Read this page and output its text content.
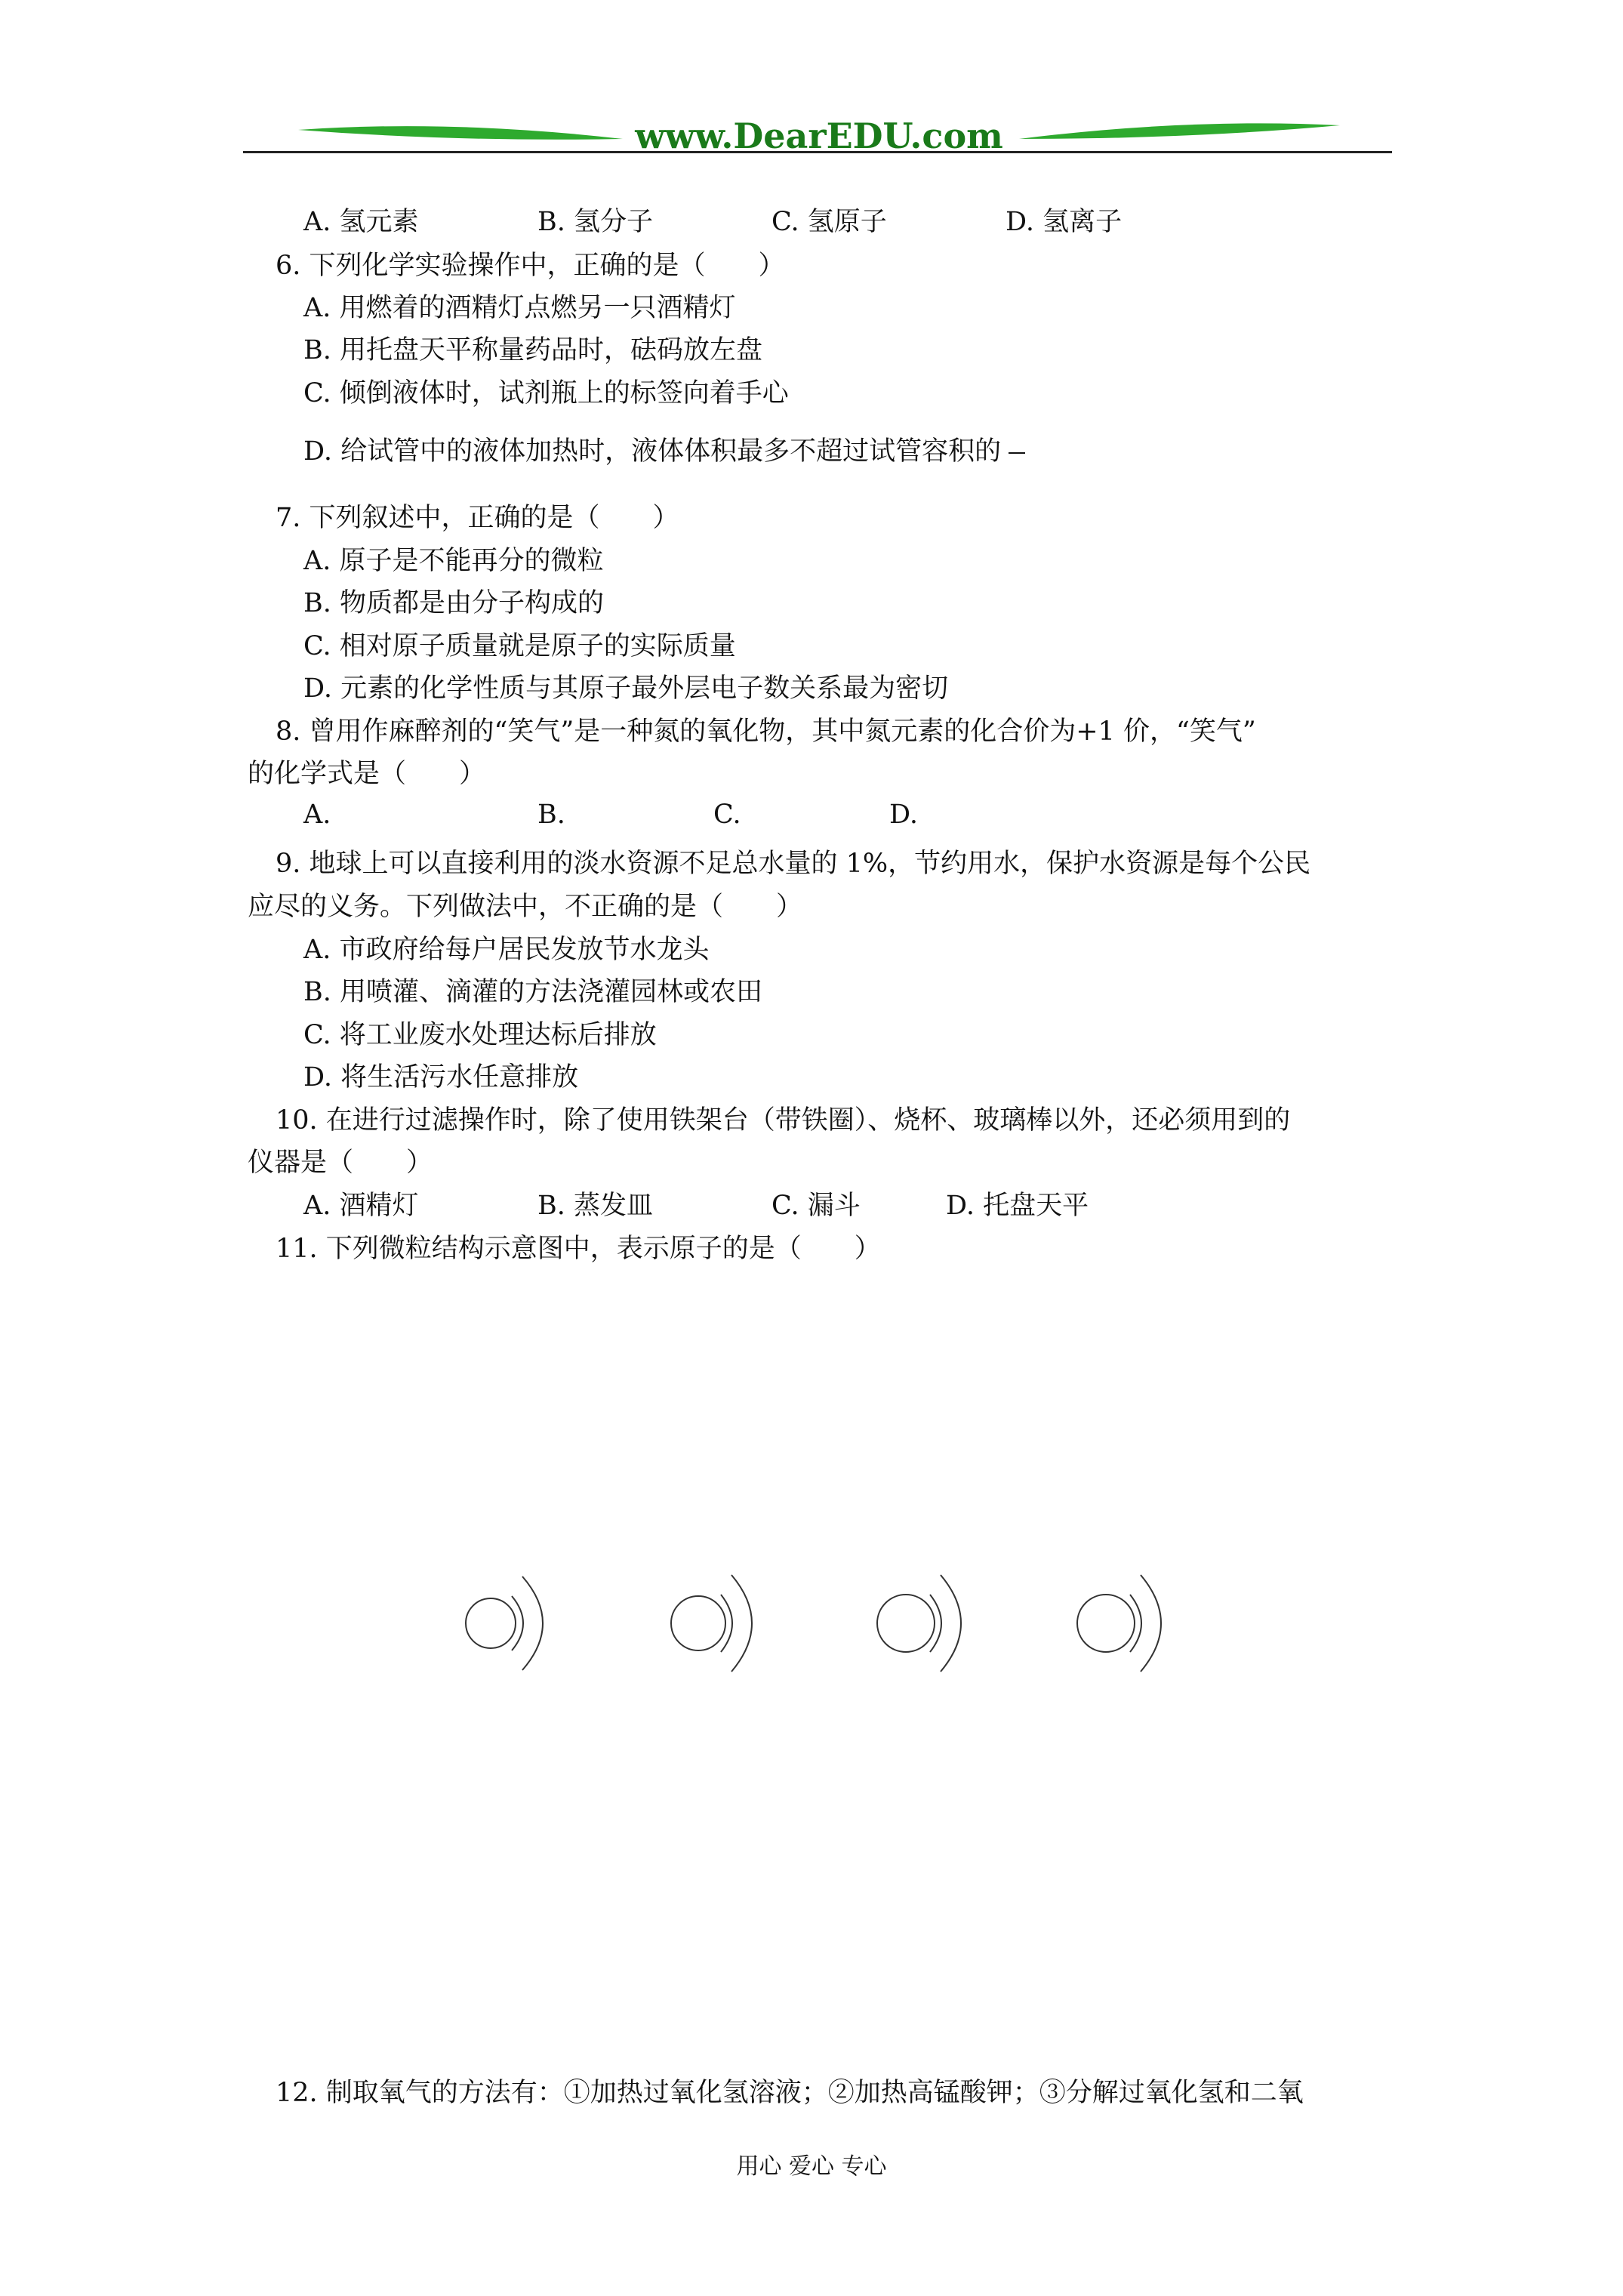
www.DearEDU.com
A. 氢元素	B. 氢分子	C. 氢原子	D. 氢离子
6. 下列化学实验操作中，正确的是（　　）
A. 用燃着的酒精灯点燃另一只酒精灯
B. 用托盘天平称量药品时，砝码放左盘
C. 倾倒液体时，试剂瓶上的标签向着手心
D. 给试管中的液体加热时，液体体积最多不超过试管容积的
7. 下列叙述中，正确的是（　　）
A. 原子是不能再分的微粒
B. 物质都是由分子构成的
C. 相对原子质量就是原子的实际质量
D. 元素的化学性质与其原子最外层电子数关系最为密切
8. 曾用作麻醉剂的“笑气”是一种氮的氧化物，其中氮元素的化合价为+1 价，“笑气”
的化学式是（　　）
A.	B.	C.	D.
9. 地球上可以直接利用的淡水资源不足总水量的 1%，节约用水，保护水资源是每个公民
应尽的义务。下列做法中，不正确的是（　　）
A. 市政府给每户居民发放节水龙头
B. 用喷灌、滴灌的方法浇灌园林或农田
C. 将工业废水处理达标后排放
D. 将生活污水任意排放
10. 在进行过滤操作时，除了使用铁架台（带铁圈）、烧杯、玻璃棒以外，还必须用到的
仪器是（　　）
A. 酒精灯	B. 蒸发皿	C. 漏斗	D. 托盘天平
11. 下列微粒结构示意图中，表示原子的是（　　）
12. 制取氧气的方法有：①加热过氧化氢溶液；②加热高锰酸钾；③分解过氧化氢和二氧
用心 爱心 专心
